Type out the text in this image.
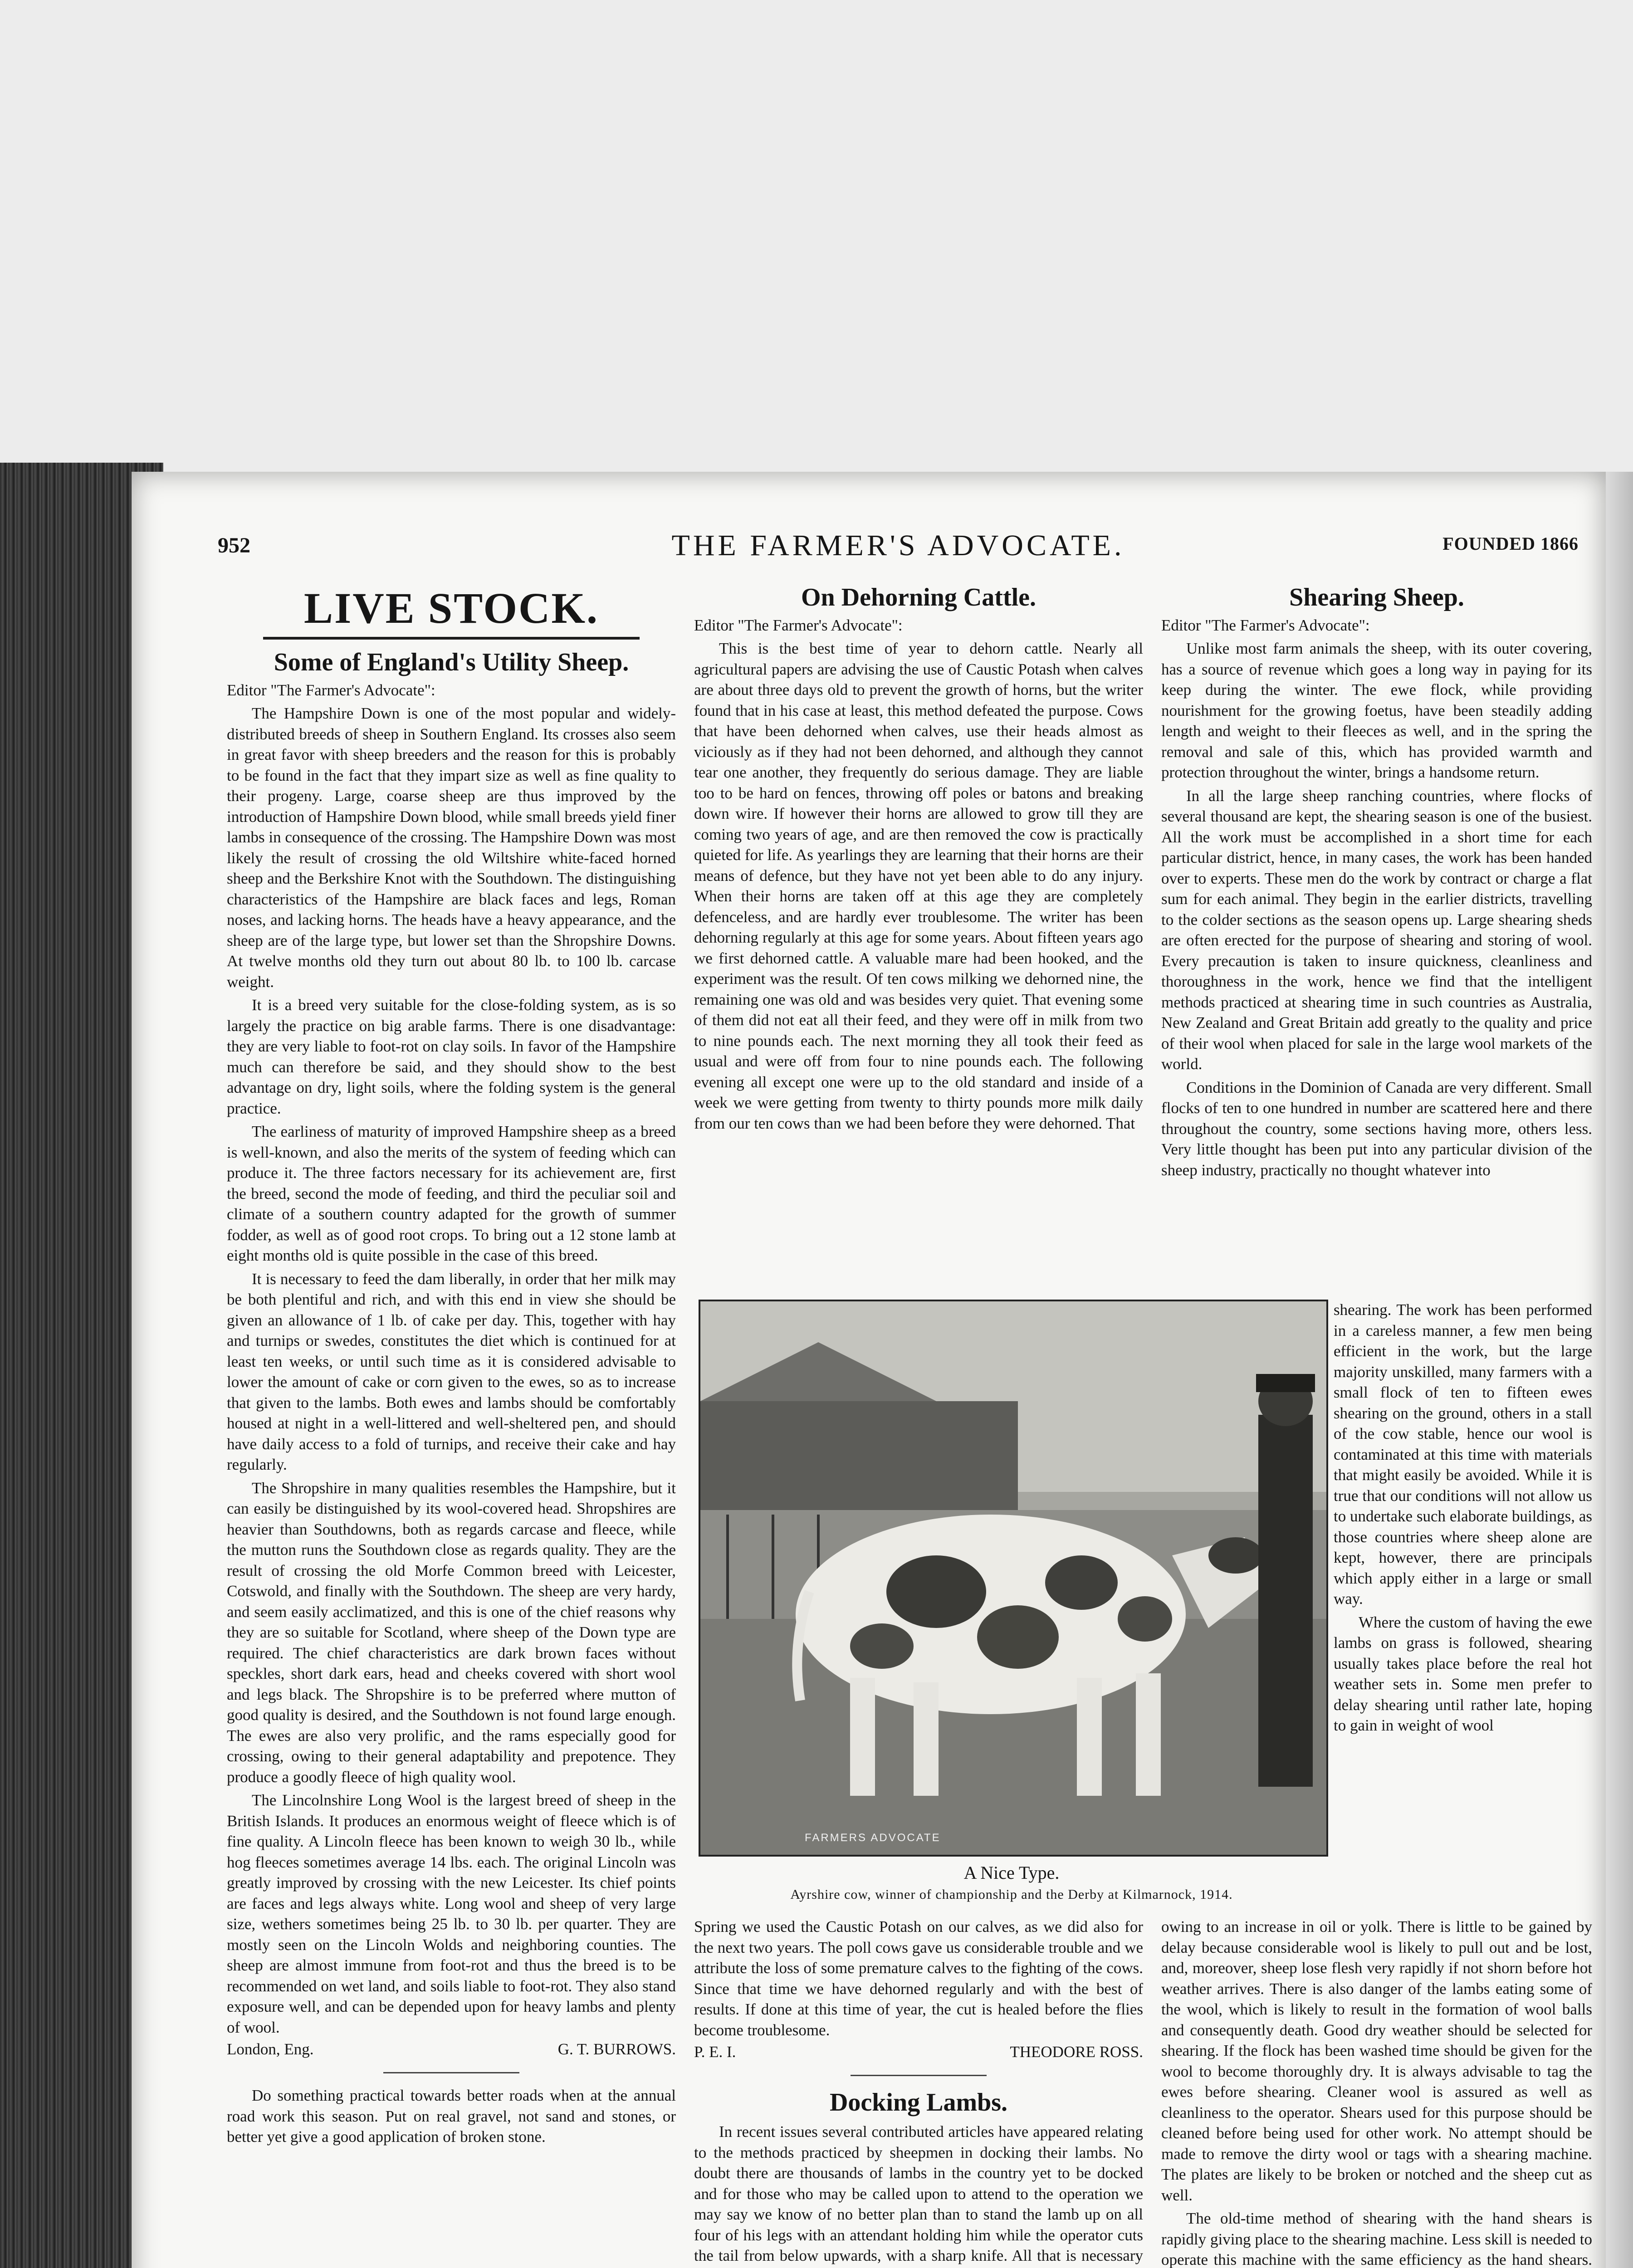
952	THE FARMER'S ADVOCATE.	FOUNDED 1866
LIVE STOCK.
Some of England's Utility Sheep.
Editor "The Farmer's Advocate":

The Hampshire Down is one of the most popular and widely-distributed breeds of sheep in Southern England. Its crosses also seem in great favor with sheep breeders and the reason for this is probably to be found in the fact that they impart size as well as fine quality to their progeny. Large, coarse sheep are thus improved by the introduction of Hampshire Down blood, while small breeds yield finer lambs in consequence of the crossing. The Hampshire Down was most likely the result of crossing the old Wiltshire white-faced horned sheep and the Berkshire Knot with the Southdown. The distinguishing characteristics of the Hampshire are black faces and legs, Roman noses, and lacking horns. The heads have a heavy appearance, and the sheep are of the large type, but lower set than the Shropshire Downs. At twelve months old they turn out about 80 lb. to 100 lb. carcase weight.

It is a breed very suitable for the close-folding system, as is so largely the practice on big arable farms. There is one disadvantage: they are very liable to foot-rot on clay soils. In favor of the Hampshire much can therefore be said, and they should show to the best advantage on dry, light soils, where the folding system is the general practice.

The earliness of maturity of improved Hampshire sheep as a breed is well-known, and also the merits of the system of feeding which can produce it. The three factors necessary for its achievement are, first the breed, second the mode of feeding, and third the peculiar soil and climate of a southern country adapted for the growth of summer fodder, as well as of good root crops. To bring out a 12 stone lamb at eight months old is quite possible in the case of this breed.

It is necessary to feed the dam liberally, in order that her milk may be both plentiful and rich, and with this end in view she should be given an allowance of 1 lb. of cake per day. This, together with hay and turnips or swedes, constitutes the diet which is continued for at least ten weeks, or until such time as it is considered advisable to lower the amount of cake or corn given to the ewes, so as to increase that given to the lambs. Both ewes and lambs should be comfortably housed at night in a well-littered and well-sheltered pen, and should have daily access to a fold of turnips, and receive their cake and hay regularly.

The Shropshire in many qualities resembles the Hampshire, but it can easily be distinguished by its wool-covered head. Shropshires are heavier than Southdowns, both as regards carcase and fleece, while the mutton runs the Southdown close as regards quality. They are the result of crossing the old Morfe Common breed with Leicester, Cotswold, and finally with the Southdown. The sheep are very hardy, and seem easily acclimatized, and this is one of the chief reasons why they are so suitable for Scotland, where sheep of the Down type are required. The chief characteristics are dark brown faces without speckles, short dark ears, head and cheeks covered with short wool and legs black. The Shropshire is to be preferred where mutton of good quality is desired, and the Southdown is not found large enough. The ewes are also very prolific, and the rams especially good for crossing, owing to their general adaptability and prepotence. They produce a goodly fleece of high quality wool.

The Lincolnshire Long Wool is the largest breed of sheep in the British Islands. It produces an enormous weight of fleece which is of fine quality. A Lincoln fleece has been known to weigh 30 lb., while hog fleeces sometimes average 14 lbs. each. The original Lincoln was greatly improved by crossing with the new Leicester. Its chief points are faces and legs always white. Long wool and sheep of very large size, wethers sometimes being 25 lb. to 30 lb. per quarter. They are mostly seen on the Lincoln Wolds and neighboring counties. The sheep are almost immune from foot-rot and thus the breed is to be recommended on wet land, and soils liable to foot-rot. They also stand exposure well, and can be depended upon for heavy lambs and plenty of wool.

London, Eng.	G. T. BURROWS.

Do something practical towards better roads when at the annual road work this season. Put on real gravel, not sand and stones, or better yet give a good application of broken stone.

On Dehorning Cattle.
Editor "The Farmer's Advocate":

This is the best time of year to dehorn cattle. Nearly all agricultural papers are advising the use of Caustic Potash when calves are about three days old to prevent the growth of horns, but the writer found that in his case at least, this method defeated the purpose. Cows that have been dehorned when calves, use their heads almost as viciously as if they had not been dehorned, and although they cannot tear one another, they frequently do serious damage. They are liable too to be hard on fences, throwing off poles or batons and breaking down wire. If however their horns are allowed to grow till they are coming two years of age, and are then removed the cow is practically quieted for life. As yearlings they are learning that their horns are their means of defence, but they have not yet been able to do any injury. When their horns are taken off at this age they are completely defenceless, and are hardly ever troublesome. The writer has been dehorning regularly at this age for some years. About fifteen years ago we first dehorned cattle. A valuable mare had been hooked, and the experiment was the result. Of ten cows milking we dehorned nine, the remaining one was old and was besides very quiet. That evening some of them did not eat all their feed, and they were off in milk from two to nine pounds each. The next morning they all took their feed as usual and were off from four to nine pounds each. The following evening all except one were up to the old standard and inside of a week we were getting from twenty to thirty pounds more milk daily from our ten cows than we had been before they were dehorned. That

Shearing Sheep.
Editor "The Farmer's Advocate":

Unlike most farm animals the sheep, with its outer covering, has a source of revenue which goes a long way in paying for its keep during the winter. The ewe flock, while providing nourishment for the growing foetus, have been steadily adding length and weight to their fleeces as well, and in the spring the removal and sale of this, which has provided warmth and protection throughout the winter, brings a handsome return.

In all the large sheep ranching countries, where flocks of several thousand are kept, the shearing season is one of the busiest. All the work must be accomplished in a short time for each particular district, hence, in many cases, the work has been handed over to experts. These men do the work by contract or charge a flat sum for each animal. They begin in the earlier districts, travelling to the colder sections as the season opens up. Large shearing sheds are often erected for the purpose of shearing and storing of wool. Every precaution is taken to insure quickness, cleanliness and thoroughness in the work, hence we find that the intelligent methods practiced at shearing time in such countries as Australia, New Zealand and Great Britain add greatly to the quality and price of their wool when placed for sale in the large wool markets of the world.

Conditions in the Dominion of Canada are very different. Small flocks of ten to one hundred in number are scattered here and there throughout the country, some sections having more, others less. Very little thought has been put into any particular division of the sheep industry, practically no thought whatever into

FARMERS ADVOCATE
A Nice Type.
Ayrshire cow, winner of championship and the Derby at Kilmarnock, 1914.

shearing. The work has been performed in a careless manner, a few men being efficient in the work, but the large majority unskilled, many farmers with a small flock of ten to fifteen ewes shearing on the ground, others in a stall of the cow stable, hence our wool is contaminated at this time with materials that might easily be avoided. While it is true that our conditions will not allow us to undertake such elaborate buildings, as those countries where sheep alone are kept, however, there are principals which apply either in a large or small way.

Where the custom of having the ewe lambs on grass is followed, shearing usually takes place before the real hot weather sets in. Some men prefer to delay shearing until rather late, hoping to gain in weight of wool

Spring we used the Caustic Potash on our calves, as we did also for the next two years. The poll cows gave us considerable trouble and we attribute the loss of some premature calves to the fighting of the cows. Since that time we have dehorned regularly and with the best of results. If done at this time of year, the cut is healed before the flies become troublesome.

P. E. I.	THEODORE ROSS.
Docking Lambs.

In recent issues several contributed articles have appeared relating to the methods practiced by sheepmen in docking their lambs. No doubt there are thousands of lambs in the country yet to be docked and for those who may be called upon to attend to the operation we may say we know of no better plan than to stand the lamb up on all four of his legs with an attendant holding him while the operator cuts the tail from below upwards, with a sharp knife. All that is necessary

owing to an increase in oil or yolk. There is little to be gained by delay because considerable wool is likely to pull out and be lost, and, moreover, sheep lose flesh very rapidly if not shorn before hot weather arrives. There is also danger of the lambs eating some of the wool, which is likely to result in the formation of wool balls and consequently death. Good dry weather should be selected for shearing. If the flock has been washed time should be given for the wool to become thoroughly dry. It is always advisable to tag the ewes before shearing. Cleaner wool is assured as well as cleanliness to the operator. Shears used for this purpose should be cleaned before being used for other work. No attempt should be made to remove the dirty wool or tags with a shearing machine. The plates are likely to be broken or notched and the sheep cut as well.

The old-time method of shearing with the hand shears is rapidly giving place to the shearing machine. Less skill is needed to operate this machine with the same efficiency as the hand shears.
